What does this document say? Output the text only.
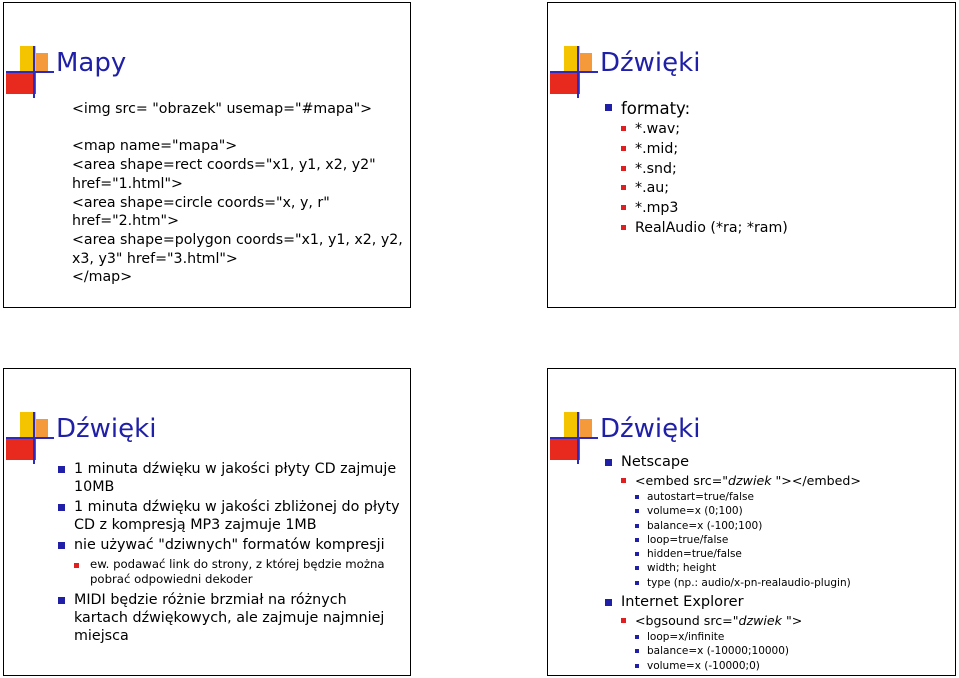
Mapy
<img src= "obrazek" usemap="#mapa">
<map name="mapa">
<area shape=rect coords="x1, y1, x2, y2"
href="1.html">
<area shape=circle coords="x, y, r"
href="2.htm">
<area shape=polygon coords="x1, y1, x2, y2,
x3, y3" href="3.html">
</map>
Dźwięki
formaty:
*.wav;
*.mid;
*.snd;
*.au;
*.mp3
RealAudio (*ra; *ram)
Dźwięki
1 minuta dźwięku w jakości płyty CD zajmuje 10MB
1 minuta dźwięku w jakości zbliżonej do płyty CD z kompresją MP3 zajmuje 1MB
nie używać "dziwnych" formatów kompresji
ew. podawać link do strony, z której będzie można pobrać odpowiedni dekoder
MIDI będzie różnie brzmiał na różnych kartach dźwiękowych, ale zajmuje najmniej miejsca
Dźwięki
Netscape
<embed src="dzwiek "></embed>
autostart=true/false
volume=x (0;100)
balance=x (-100;100)
loop=true/false
hidden=true/false
width; height
type (np.: audio/x-pn-realaudio-plugin)
Internet Explorer
<bgsound src="dzwiek ">
loop=x/infinite
balance=x (-10000;10000)
volume=x (-10000;0)
